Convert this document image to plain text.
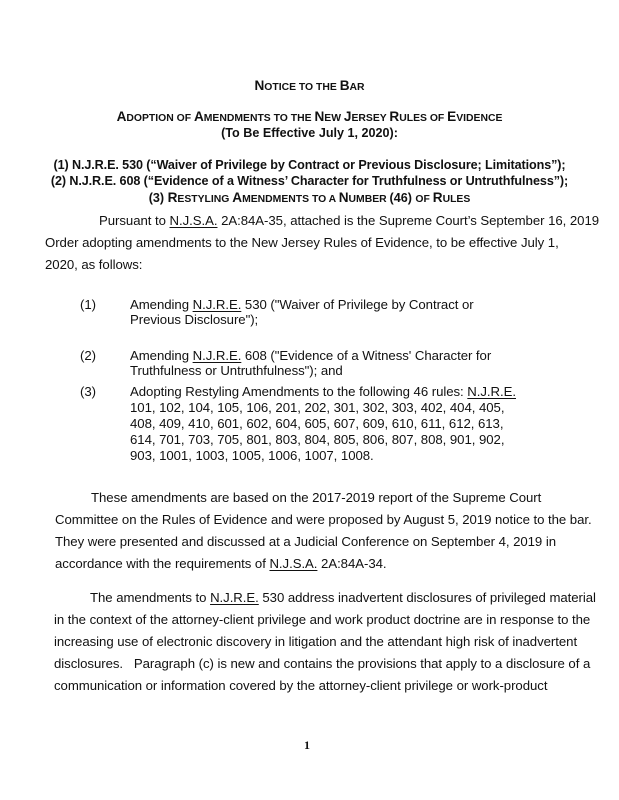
NOTICE TO THE BAR
ADOPTION OF AMENDMENTS TO THE NEW JERSEY RULES OF EVIDENCE
(To Be Effective July 1, 2020):
(1) N.J.R.E. 530 (“Waiver of Privilege by Contract or Previous Disclosure; Limitations”);
(2) N.J.R.E. 608 (“Evidence of a Witness’ Character for Truthfulness or Untruthfulness”);
(3) RESTYLING AMENDMENTS TO A NUMBER (46) OF RULES
Pursuant to N.J.S.A. 2A:84A-35, attached is the Supreme Court’s September 16, 2019
Order adopting amendments to the New Jersey Rules of Evidence, to be effective July 1,
2020, as follows:
(1)	Amending N.J.R.E. 530 ("Waiver of Privilege by Contract or
Previous Disclosure");
(2)	Amending N.J.R.E. 608 ("Evidence of a Witness' Character for
Truthfulness or Untruthfulness"); and
(3)	Adopting Restyling Amendments to the following 46 rules: N.J.R.E.
101, 102, 104, 105, 106, 201, 202, 301, 302, 303, 402, 404, 405,
408, 409, 410, 601, 602, 604, 605, 607, 609, 610, 611, 612, 613,
614, 701, 703, 705, 801, 803, 804, 805, 806, 807, 808, 901, 902,
903, 1001, 1003, 1005, 1006, 1007, 1008.
These amendments are based on the 2017-2019 report of the Supreme Court
Committee on the Rules of Evidence and were proposed by August 5, 2019 notice to the bar.
They were presented and discussed at a Judicial Conference on September 4, 2019 in
accordance with the requirements of N.J.S.A. 2A:84A-34.
The amendments to N.J.R.E. 530 address inadvertent disclosures of privileged material
in the context of the attorney-client privilege and work product doctrine are in response to the
increasing use of electronic discovery in litigation and the attendant high risk of inadvertent
disclosures.   Paragraph (c) is new and contains the provisions that apply to a disclosure of a
communication or information covered by the attorney-client privilege or work-product
1
